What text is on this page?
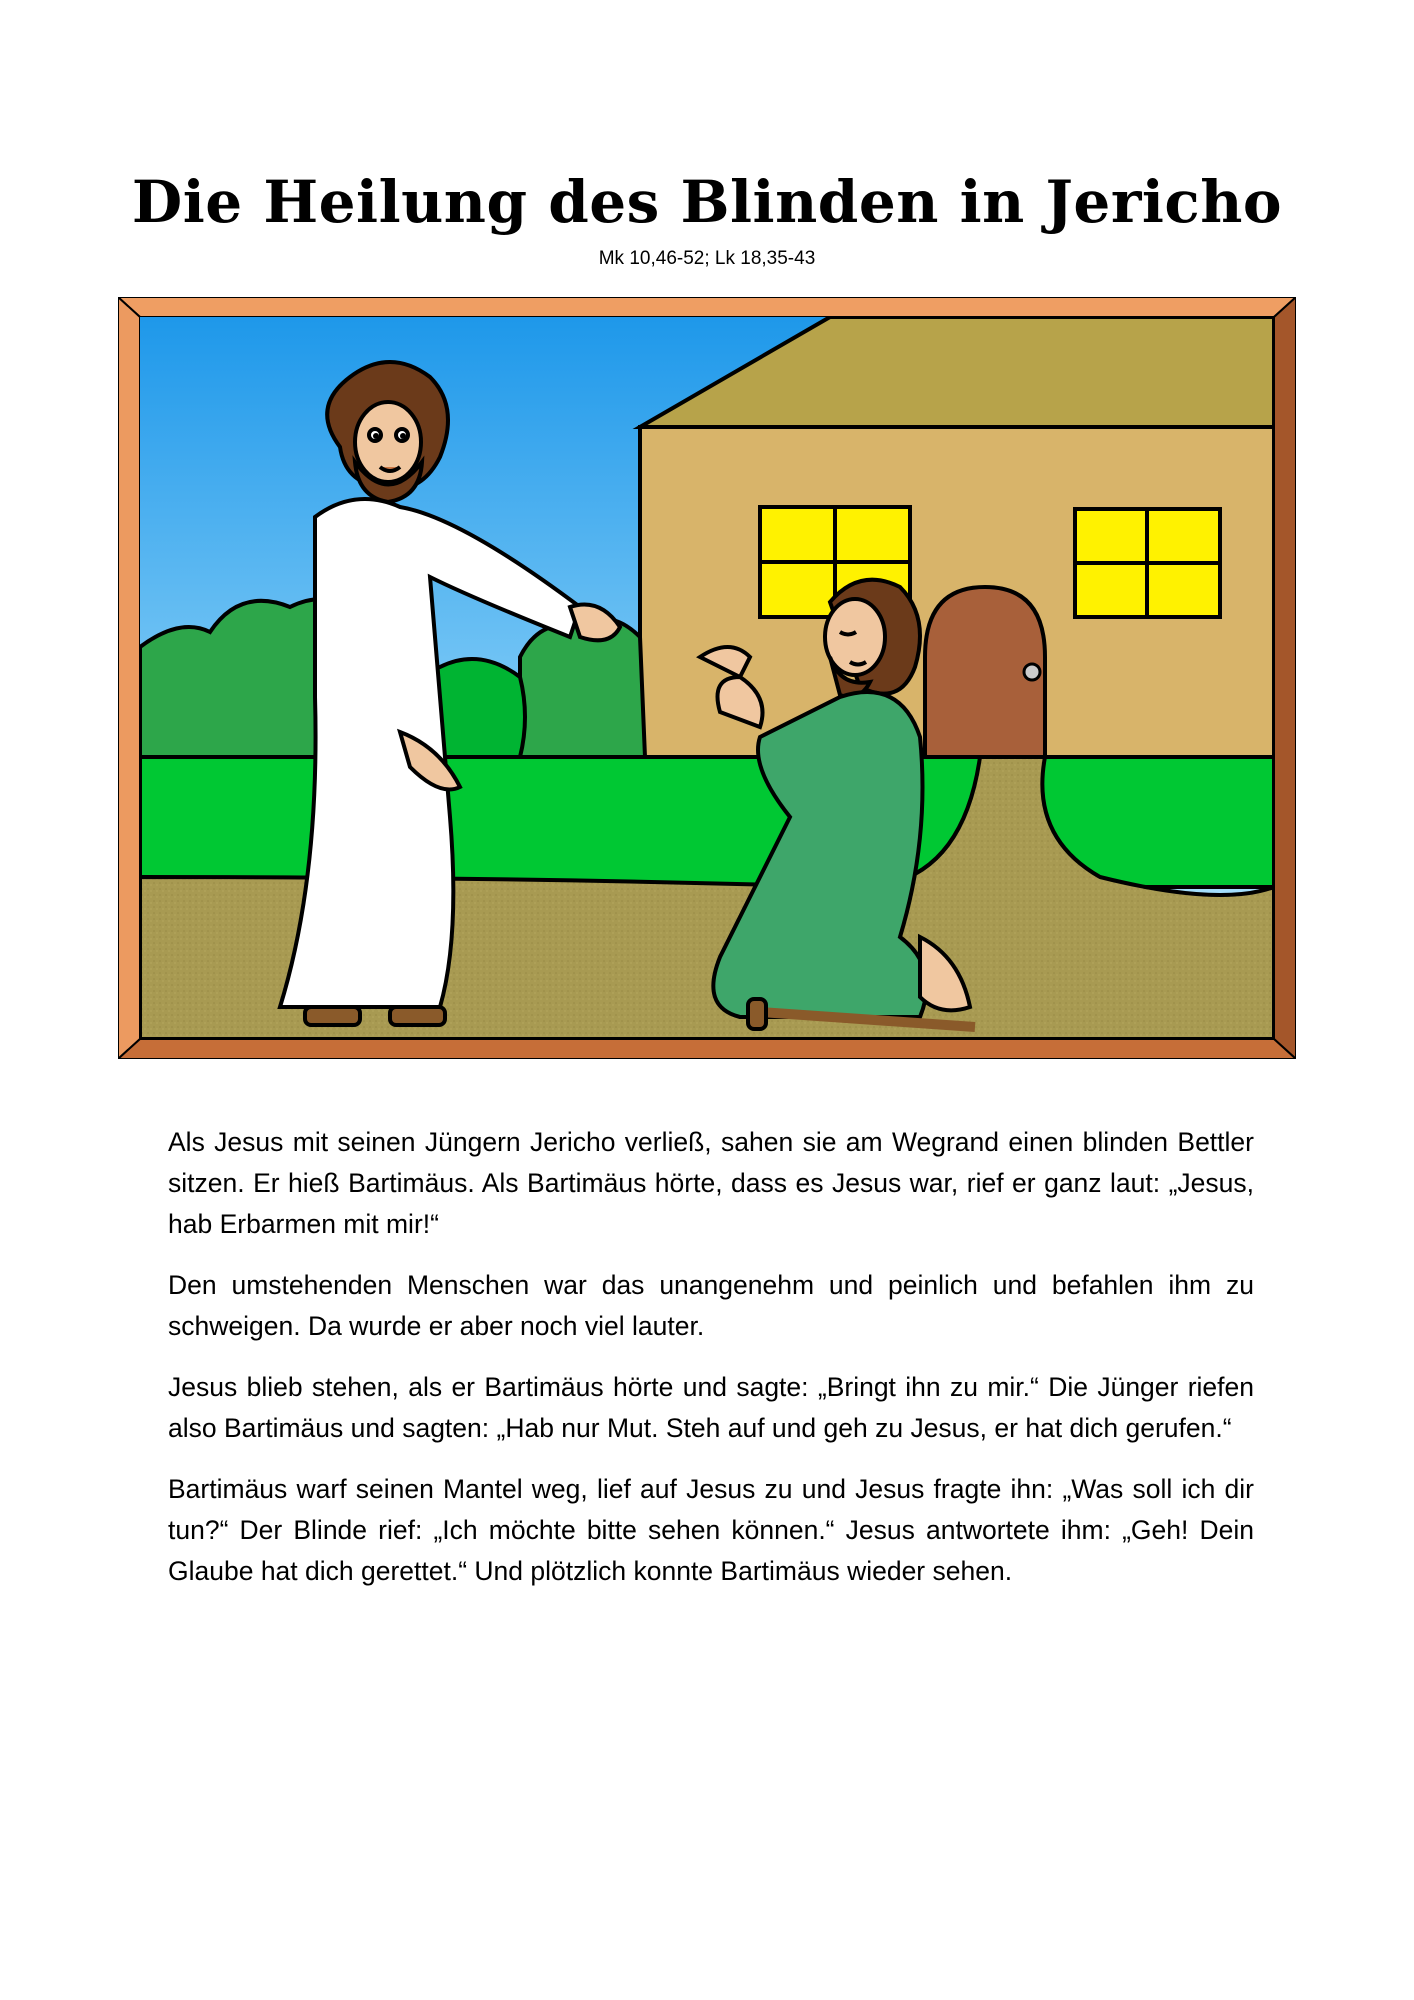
Die Heilung des Blinden in Jericho
Mk 10,46-52; Lk 18,35-43

Als Jesus mit seinen Jüngern Jericho verließ, sahen sie am Wegrand einen blinden Bettler sitzen. Er hieß Bartimäus. Als Bartimäus hörte, dass es Jesus war, rief er ganz laut: „Jesus, hab Erbarmen mit mir!“

Den umstehenden Menschen war das unangenehm und peinlich und befahlen ihm zu schweigen. Da wurde er aber noch viel lauter.

Jesus blieb stehen, als er Bartimäus hörte und sagte: „Bringt ihn zu mir.“ Die Jünger riefen also Bartimäus und sagten: „Hab nur Mut. Steh auf und geh zu Jesus, er hat dich gerufen.“

Bartimäus warf seinen Mantel weg, lief auf Jesus zu und Jesus fragte ihn: „Was soll ich dir tun?“ Der Blinde rief: „Ich möchte bitte sehen können.“ Jesus antwortete ihm: „Geh! Dein Glaube hat dich gerettet.“ Und plötzlich konnte Bartimäus wieder sehen.
